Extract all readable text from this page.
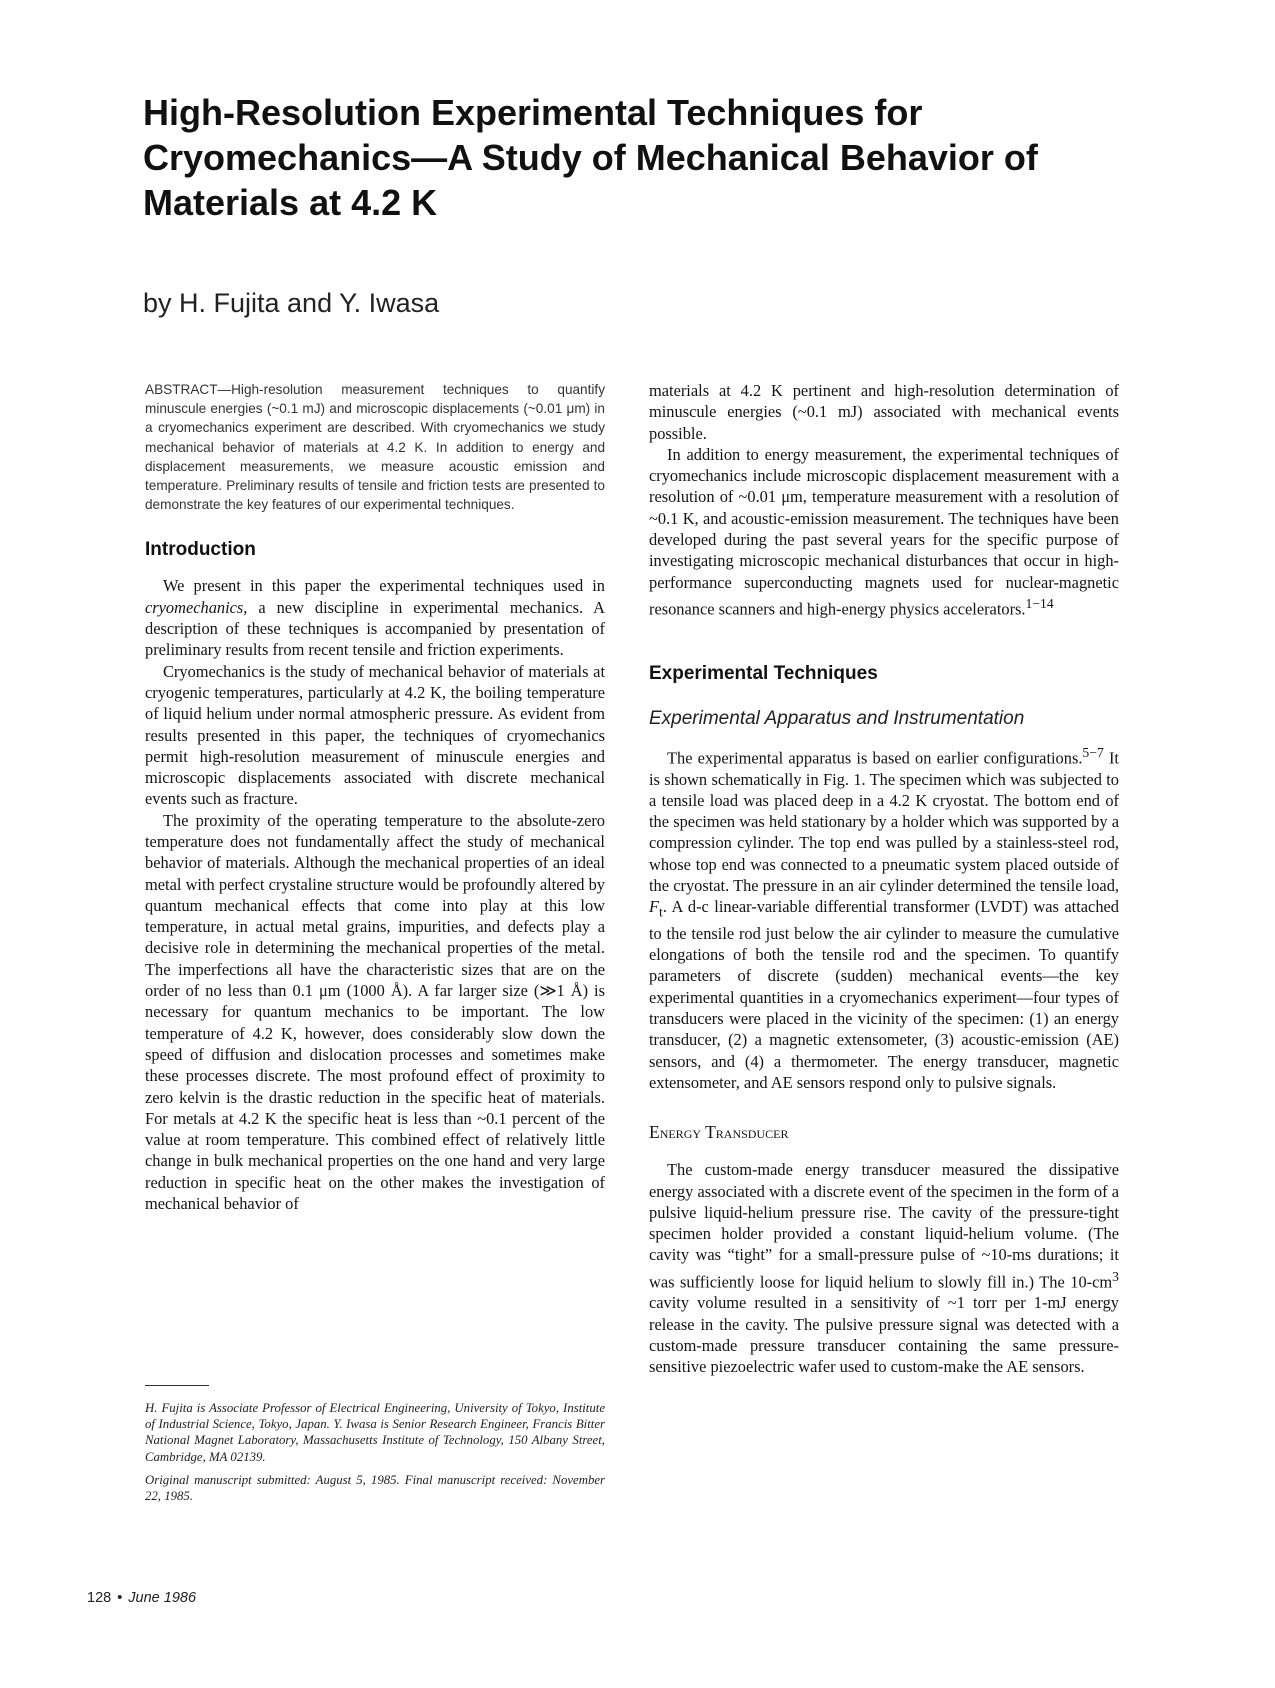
High-Resolution Experimental Techniques for Cryomechanics—A Study of Mechanical Behavior of Materials at 4.2 K

by H. Fujita and Y. Iwasa

ABSTRACT—High-resolution measurement techniques to quantify minuscule energies (~0.1 mJ) and microscopic displacements (~0.01 μm) in a cryomechanics experiment are described. With cryomechanics we study mechanical behavior of materials at 4.2 K. In addition to energy and displacement measurements, we measure acoustic emission and temperature. Preliminary results of tensile and friction tests are presented to demonstrate the key features of our experimental techniques.

Introduction

We present in this paper the experimental techniques used in cryomechanics, a new discipline in experimental mechanics. A description of these techniques is accompanied by presentation of preliminary results from recent tensile and friction experiments.

Cryomechanics is the study of mechanical behavior of materials at cryogenic temperatures, particularly at 4.2 K, the boiling temperature of liquid helium under normal atmospheric pressure. As evident from results presented in this paper, the techniques of cryomechanics permit high-resolution measurement of minuscule energies and microscopic displacements associated with discrete mechanical events such as fracture.

The proximity of the operating temperature to the absolute-zero temperature does not fundamentally affect the study of mechanical behavior of materials. Although the mechanical properties of an ideal metal with perfect crystaline structure would be profoundly altered by quantum mechanical effects that come into play at this low temperature, in actual metal grains, impurities, and defects play a decisive role in determining the mechanical properties of the metal. The imperfections all have the characteristic sizes that are on the order of no less than 0.1 μm (1000 Å). A far larger size (≫1 Å) is necessary for quantum mechanics to be important. The low temperature of 4.2 K, however, does considerably slow down the speed of diffusion and dislocation processes and sometimes make these processes discrete. The most profound effect of proximity to zero kelvin is the drastic reduction in the specific heat of materials. For metals at 4.2 K the specific heat is less than ~0.1 percent of the value at room temperature. This combined effect of relatively little change in bulk mechanical properties on the one hand and very large reduction in specific heat on the other makes the investigation of mechanical behavior of

H. Fujita is Associate Professor of Electrical Engineering, University of Tokyo, Institute of Industrial Science, Tokyo, Japan. Y. Iwasa is Senior Research Engineer, Francis Bitter National Magnet Laboratory, Massachusetts Institute of Technology, 150 Albany Street, Cambridge, MA 02139.

Original manuscript submitted: August 5, 1985. Final manuscript received: November 22, 1985.

materials at 4.2 K pertinent and high-resolution determination of minuscule energies (~0.1 mJ) associated with mechanical events possible.

In addition to energy measurement, the experimental techniques of cryomechanics include microscopic displacement measurement with a resolution of ~0.01 μm, temperature measurement with a resolution of ~0.1 K, and acoustic-emission measurement. The techniques have been developed during the past several years for the specific purpose of investigating microscopic mechanical disturbances that occur in high-performance superconducting magnets used for nuclear-magnetic resonance scanners and high-energy physics accelerators.$^{1-14}$

Experimental Techniques
Experimental Apparatus and Instrumentation

The experimental apparatus is based on earlier configurations.$^{5-7}$ It is shown schematically in Fig. 1. The specimen which was subjected to a tensile load was placed deep in a 4.2 K cryostat. The bottom end of the specimen was held stationary by a holder which was supported by a compression cylinder. The top end was pulled by a stainless-steel rod, whose top end was connected to a pneumatic system placed outside of the cryostat. The pressure in an air cylinder determined the tensile load, $F_t$. A d-c linear-variable differential transformer (LVDT) was attached to the tensile rod just below the air cylinder to measure the cumulative elongations of both the tensile rod and the specimen. To quantify parameters of discrete (sudden) mechanical events—the key experimental quantities in a cryomechanics experiment—four types of transducers were placed in the vicinity of the specimen: (1) an energy transducer, (2) a magnetic extensometer, (3) acoustic-emission (AE) sensors, and (4) a thermometer. The energy transducer, magnetic extensometer, and AE sensors respond only to pulsive signals.

Energy Transducer

The custom-made energy transducer measured the dissipative energy associated with a discrete event of the specimen in the form of a pulsive liquid-helium pressure rise. The cavity of the pressure-tight specimen holder provided a constant liquid-helium volume. (The cavity was “tight” for a small-pressure pulse of ~10-ms durations; it was sufficiently loose for liquid helium to slowly fill in.) The $10-cm^3$ cavity volume resulted in a sensitivity of ~1 torr per 1-mJ energy release in the cavity. The pulsive pressure signal was detected with a custom-made pressure transducer containing the same pressure-sensitive piezoelectric wafer used to custom-make the AE sensors.

128 • June 1986
